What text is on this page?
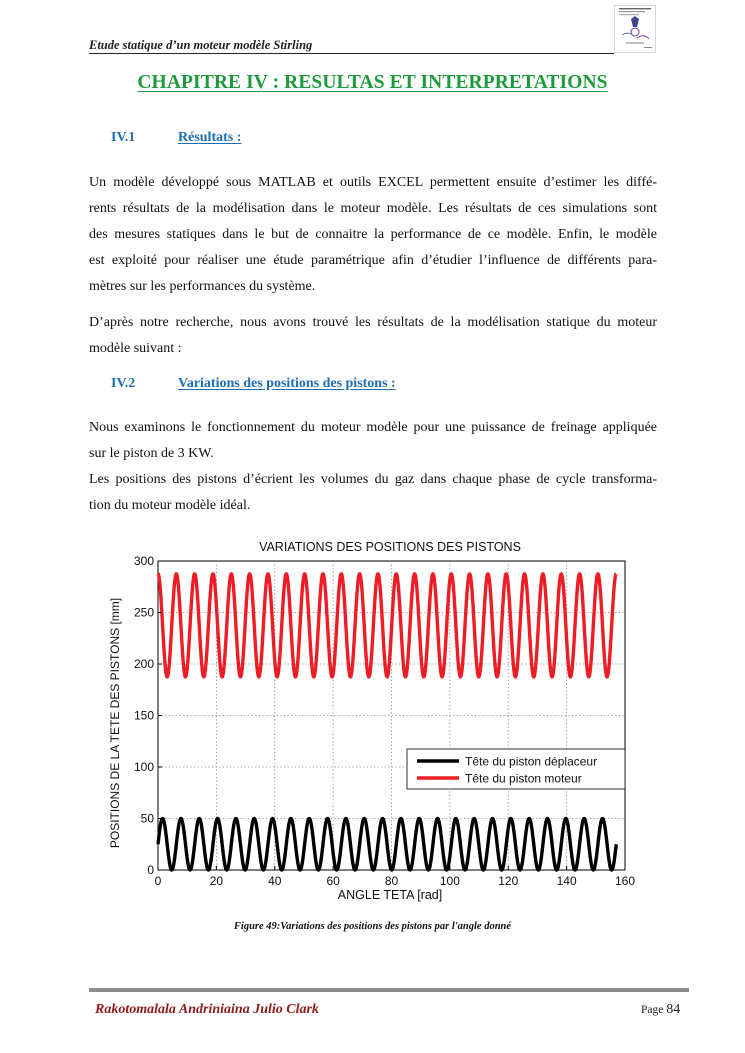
Etude statique d’un moteur modèle Stirling
CHAPITRE IV : RESULTAS ET INTERPRETATIONS
IV.1	Résultats :
Un modèle développé sous MATLAB et outils EXCEL permettent ensuite d’estimer les diffé-
rents résultats de la modélisation dans le moteur modèle. Les résultats de ces simulations sont
des mesures statiques dans le but de connaitre la performance de ce modèle. Enfin, le modèle
est exploité pour réaliser une étude paramétrique afin d’étudier l’influence de différents para-
mètres sur les performances du système.
D’après notre recherche, nous avons trouvé les résultats de la modélisation statique du moteur
modèle suivant :
IV.2	Variations des positions des pistons :
Nous examinons le fonctionnement du moteur modèle pour une puissance de freinage appliquée
sur le piston de 3 KW.
Les positions des pistons d’écrient les volumes du gaz dans chaque phase de cycle transforma-
tion du moteur modèle idéal.
0	20	40	60	80	100	120	140	160
0
50
100
150
200
250
300
Tête du piston déplaceur
Tête du piston moteur
VARIATIONS DES POSITIONS DES PISTONS
ANGLE TETA [rad]
POSITIONS DE LA TETE DES PISTONS [mm]
Figure 49:Variations des positions des pistons par l'angle donné
Rakotomalala Andriniaina Julio Clark	Page 84
